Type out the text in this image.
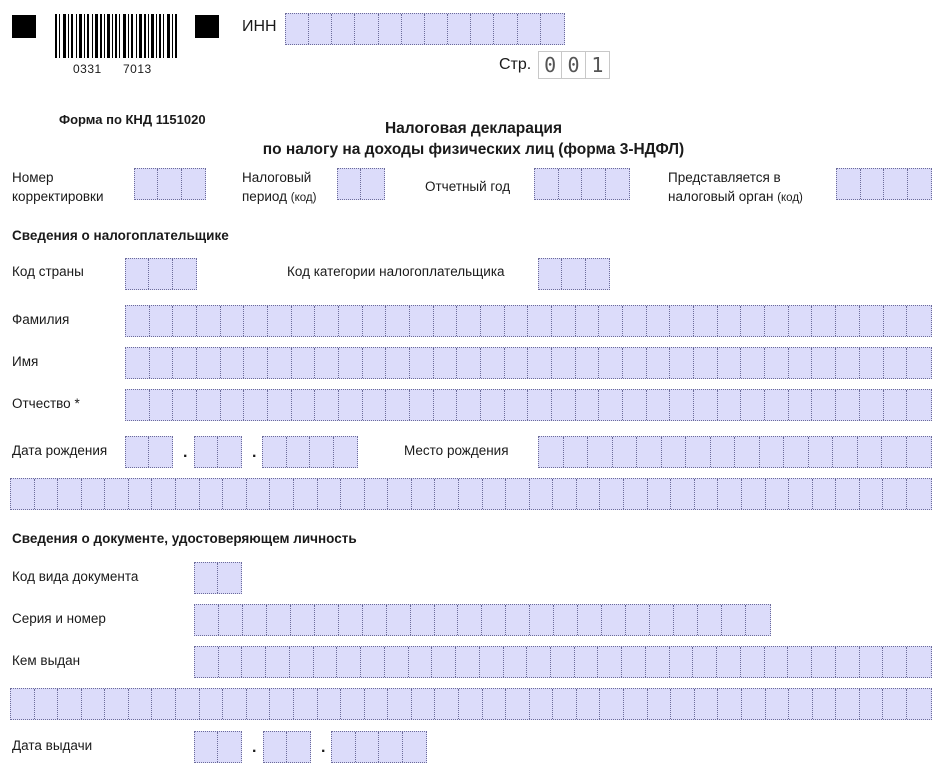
0331 7013
ИНН
Стр. 0 0 1
Форма по КНД 1151020
Налоговая декларация
по налогу на доходы физических лиц (форма 3-НДФЛ)
Номер
корректировки
Налоговый
период (код)
Отчетный год
Представляется в
налоговый орган (код)
Сведения о налогоплательщике
Код страны	Код категории налогоплательщика
Фамилия
Имя
Отчество *
Дата рождения	.	.	Место рождения
Сведения о документе, удостоверяющем личность
Код вида документа
Серия и номер
Кем выдан
Дата выдачи	.	.
